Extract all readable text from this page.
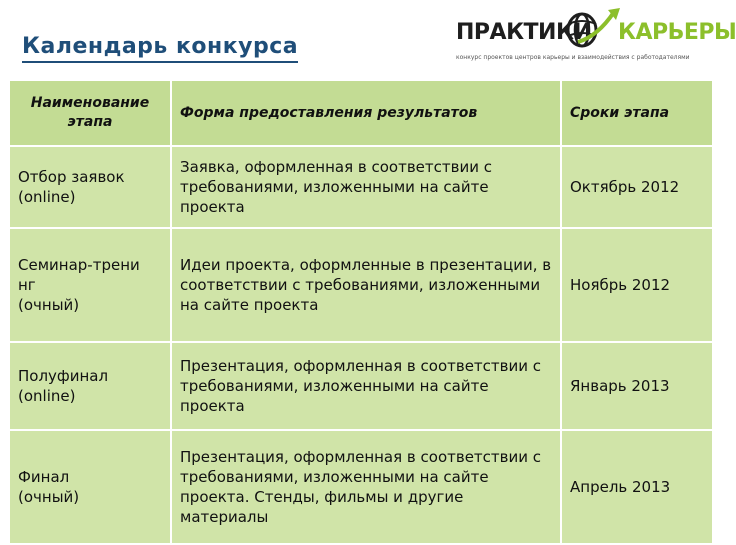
Календарь конкурса
ПРАКТИКИ КАРЬЕРЫ
конкурс проектов центров карьеры и взаимодействия с работодателями
Наименование этапа	Форма предоставления результатов	Сроки этапа

Отбор заявок
(online)	Заявка, оформленная в соответствии с требованиями, изложенными на сайте проекта	Октябрь 2012

Семинар-трени нг
(очный)	Идеи проекта, оформленные в презентации, в соответствии с требованиями, изложенными на сайте проекта	Ноябрь 2012

Полуфинал
(online)	Презентация, оформленная в соответствии с требованиями, изложенными на сайте проекта	Январь 2013

Финал
(очный)	Презентация, оформленная в соответствии с требованиями, изложенными на сайте проекта. Стенды, фильмы и другие материалы	Апрель 2013
